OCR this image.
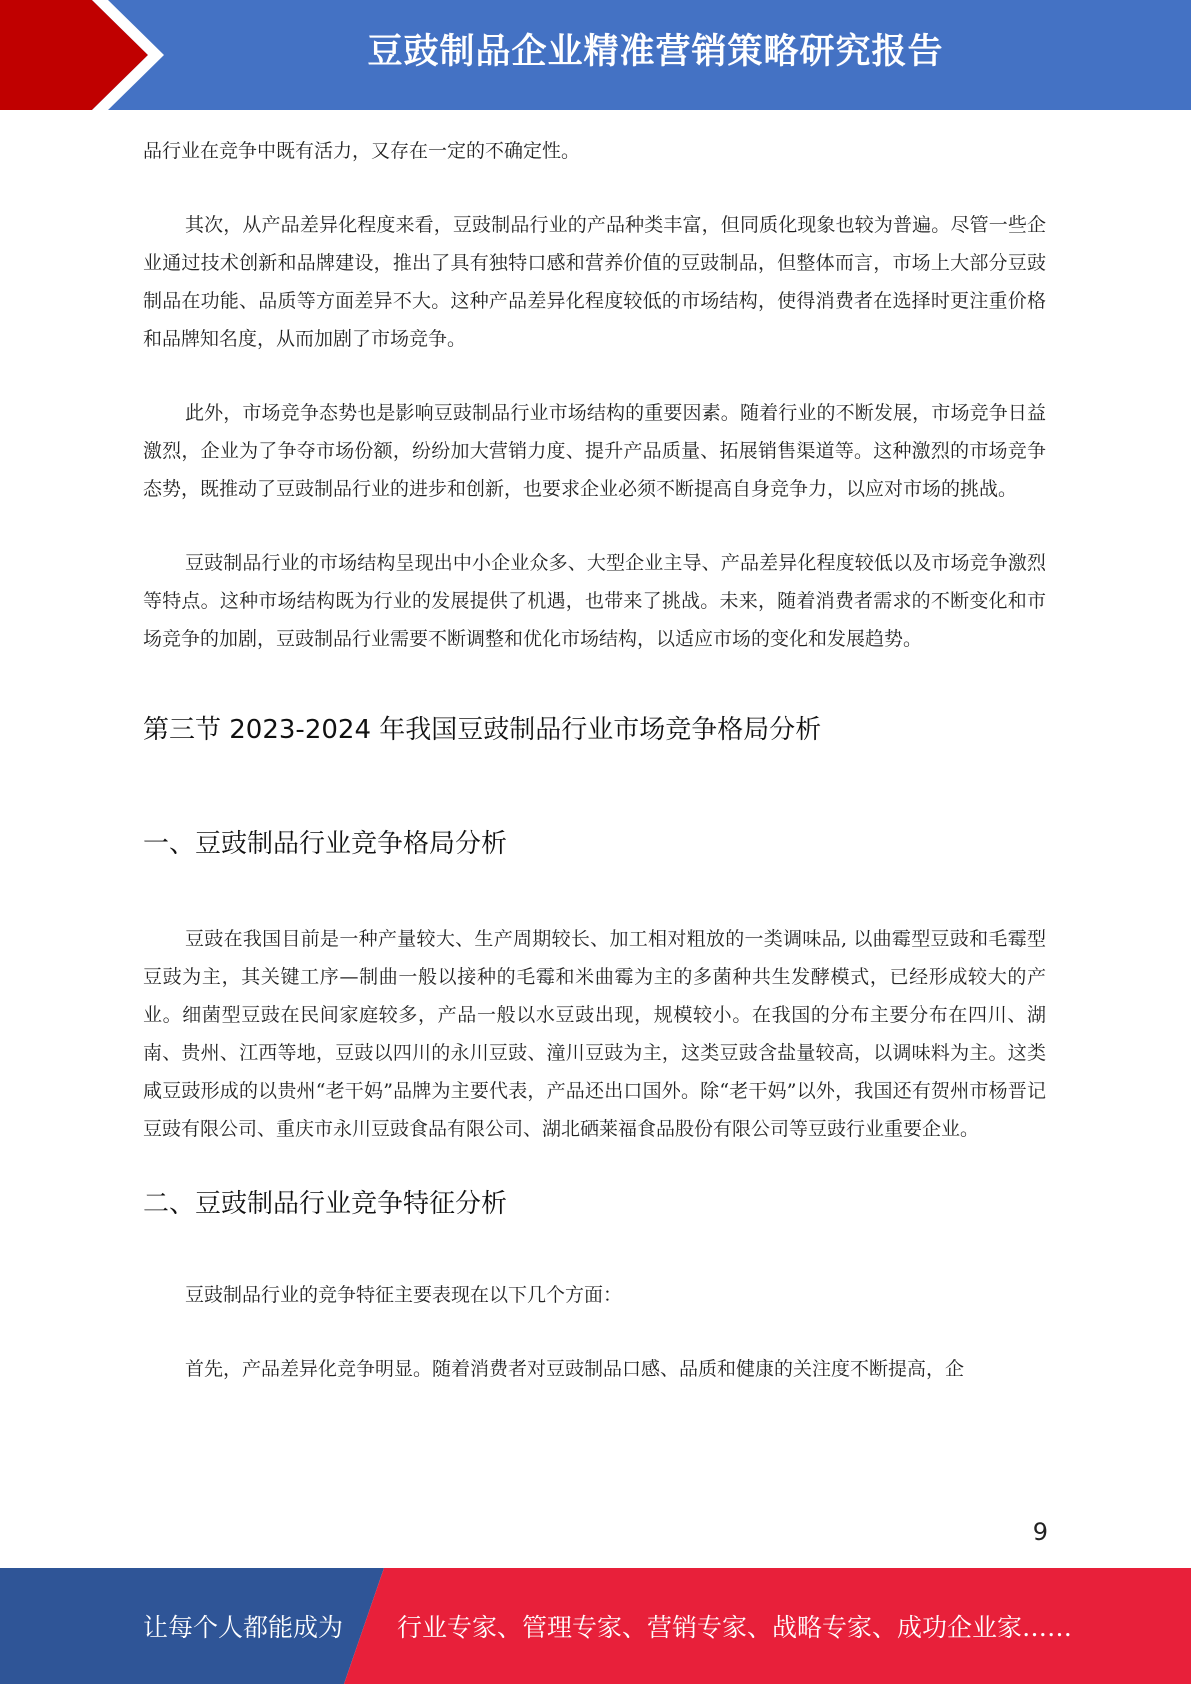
豆豉制品企业精准营销策略研究报告

品行业在竞争中既有活力，又存在一定的不确定性。

其次，从产品差异化程度来看，豆豉制品行业的产品种类丰富，但同质化现象也较为普遍。尽管一些企业通过技术创新和品牌建设，推出了具有独特口感和营养价值的豆豉制品，但整体而言，市场上大部分豆豉制品在功能、品质等方面差异不大。这种产品差异化程度较低的市场结构，使得消费者在选择时更注重价格和品牌知名度，从而加剧了市场竞争。

此外，市场竞争态势也是影响豆豉制品行业市场结构的重要因素。随着行业的不断发展，市场竞争日益激烈，企业为了争夺市场份额，纷纷加大营销力度、提升产品质量、拓展销售渠道等。这种激烈的市场竞争态势，既推动了豆豉制品行业的进步和创新，也要求企业必须不断提高自身竞争力，以应对市场的挑战。

豆豉制品行业的市场结构呈现出中小企业众多、大型企业主导、产品差异化程度较低以及市场竞争激烈等特点。这种市场结构既为行业的发展提供了机遇，也带来了挑战。未来，随着消费者需求的不断变化和市场竞争的加剧，豆豉制品行业需要不断调整和优化市场结构，以适应市场的变化和发展趋势。

第三节 2023-2024 年我国豆豉制品行业市场竞争格局分析
一、豆豉制品行业竞争格局分析

豆豉在我国目前是一种产量较大、生产周期较长、加工相对粗放的一类调味品, 以曲霉型豆豉和毛霉型豆豉为主，其关键工序—制曲一般以接种的毛霉和米曲霉为主的多菌种共生发酵模式，已经形成较大的产业。细菌型豆豉在民间家庭较多，产品一般以水豆豉出现，规模较小。在我国的分布主要分布在四川、湖南、贵州、江西等地，豆豉以四川的永川豆豉、潼川豆豉为主，这类豆豉含盐量较高，以调味料为主。这类咸豆豉形成的以贵州“老干妈”品牌为主要代表，产品还出口国外。除“老干妈”以外，我国还有贺州市杨晋记豆豉有限公司、重庆市永川豆豉食品有限公司、湖北硒莱福食品股份有限公司等豆豉行业重要企业。

二、豆豉制品行业竞争特征分析

豆豉制品行业的竞争特征主要表现在以下几个方面：

首先，产品差异化竞争明显。随着消费者对豆豉制品口感、品质和健康的关注度不断提高，企

9
让每个人都能成为 行业专家、管理专家、营销专家、战略专家、成功企业家……
